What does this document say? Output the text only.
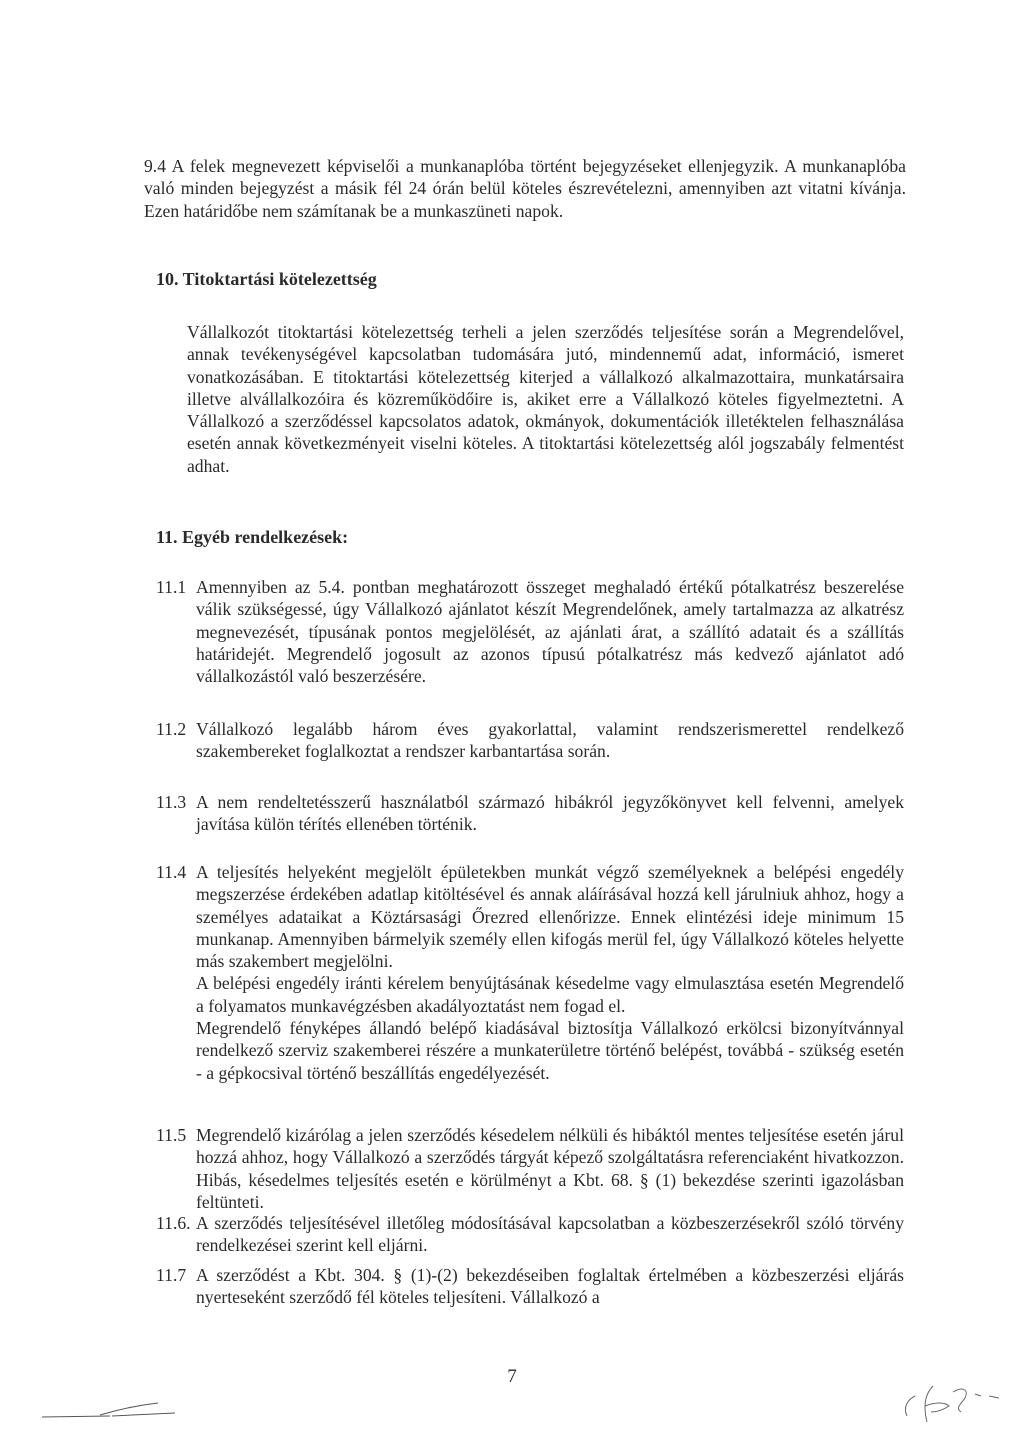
9.4 A felek megnevezett képviselői a munkanaplóba történt bejegyzéseket ellenjegyzik. A munkanaplóba való minden bejegyzést a másik fél 24 órán belül köteles észrevételezni, amennyiben azt vitatni kívánja. Ezen határidőbe nem számítanak be a munkaszüneti napok.
10. Titoktartási kötelezettség
Vállalkozót titoktartási kötelezettség terheli a jelen szerződés teljesítése során a Megrendelővel, annak tevékenységével kapcsolatban tudomására jutó, mindennemű adat, információ, ismeret vonatkozásában. E titoktartási kötelezettség kiterjed a vállalkozó alkalmazottaira, munkatársaira illetve alvállalkozóira és közreműködőire is, akiket erre a Vállalkozó köteles figyelmeztetni. A Vállalkozó a szerződéssel kapcsolatos adatok, okmányok, dokumentációk illetéktelen felhasználása esetén annak következményeit viselni köteles. A titoktartási kötelezettség alól jogszabály felmentést adhat.
11. Egyéb rendelkezések:
11.1 Amennyiben az 5.4. pontban meghatározott összeget meghaladó értékű pótalkatrész beszerelése válik szükségessé, úgy Vállalkozó ajánlatot készít Megrendelőnek, amely tartalmazza az alkatrész megnevezését, típusának pontos megjelölését, az ajánlati árat, a szállító adatait és a szállítás határidejét. Megrendelő jogosult az azonos típusú pótalkatrész más kedvező ajánlatot adó vállalkozástól való beszerzésére.
11.2 Vállalkozó legalább három éves gyakorlattal, valamint rendszerismerettel rendelkező szakembereket foglalkoztat a rendszer karbantartása során.
11.3 A nem rendeltetésszerű használatból származó hibákról jegyzőkönyvet kell felvenni, amelyek javítása külön térítés ellenében történik.
11.4 A teljesítés helyeként megjelölt épületekben munkát végző személyeknek a belépési engedély megszerzése érdekében adatlap kitöltésével és annak aláírásával hozzá kell járulniuk ahhoz, hogy a személyes adataikat a Köztársasági Őrezred ellenőrizze. Ennek elintézési ideje minimum 15 munkanap. Amennyiben bármelyik személy ellen kifogás merül fel, úgy Vállalkozó köteles helyette más szakembert megjelölni.
A belépési engedély iránti kérelem benyújtásának késedelme vagy elmulasztása esetén Megrendelő a folyamatos munkavégzésben akadályoztatást nem fogad el.
Megrendelő fényképes állandó belépő kiadásával biztosítja Vállalkozó erkölcsi bizonyítvánnyal rendelkező szerviz szakemberei részére a munkaterületre történő belépést, továbbá - szükség esetén - a gépkocsival történő beszállítás engedélyezését.
11.5 Megrendelő kizárólag a jelen szerződés késedelem nélküli és hibáktól mentes teljesítése esetén járul hozzá ahhoz, hogy Vállalkozó a szerződés tárgyát képező szolgáltatásra referenciaként hivatkozzon. Hibás, késedelmes teljesítés esetén e körülményt a Kbt. 68. § (1) bekezdése szerinti igazolásban feltünteti.
11.6. A szerződés teljesítésével illetőleg módosításával kapcsolatban a közbeszerzésekről szóló törvény rendelkezései szerint kell eljárni.
11.7 A szerződést a Kbt. 304. § (1)-(2) bekezdéseiben foglaltak értelmében a közbeszerzési eljárás nyerteseként szerződő fél köteles teljesíteni. Vállalkozó a
7
